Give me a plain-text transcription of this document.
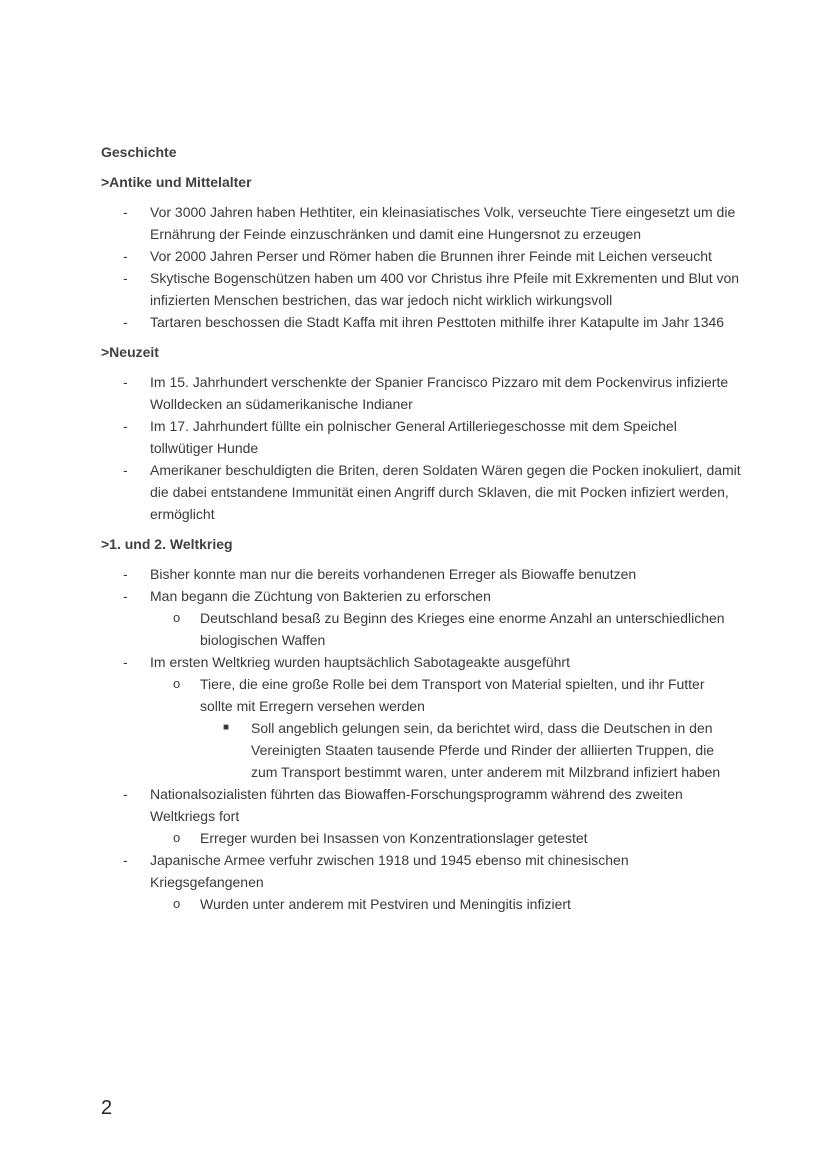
Geschichte
>Antike und Mittelalter
- Vor 3000 Jahren haben Hethtiter, ein kleinasiatisches Volk, verseuchte Tiere eingesetzt um die Ernährung der Feinde einzuschränken und damit eine Hungersnot zu erzeugen
- Vor 2000 Jahren Perser und Römer haben die Brunnen ihrer Feinde mit Leichen verseucht
- Skytische Bogenschützen haben um 400 vor Christus ihre Pfeile mit Exkrementen und Blut von infizierten Menschen bestrichen, das war jedoch nicht wirklich wirkungsvoll
- Tartaren beschossen die Stadt Kaffa mit ihren Pesttoten mithilfe ihrer Katapulte im Jahr 1346
>Neuzeit
- Im 15. Jahrhundert verschenkte der Spanier Francisco Pizzaro mit dem Pockenvirus infizierte Wolldecken an südamerikanische Indianer
- Im 17. Jahrhundert füllte ein polnischer General Artilleriegeschosse mit dem Speichel tollwütiger Hunde
- Amerikaner beschuldigten die Briten, deren Soldaten Wären gegen die Pocken inokuliert, damit die dabei entstandene Immunität einen Angriff durch Sklaven, die mit Pocken infiziert werden, ermöglicht
>1. und 2. Weltkrieg
- Bisher konnte man nur die bereits vorhandenen Erreger als Biowaffe benutzen
- Man begann die Züchtung von Bakterien zu erforschen
o Deutschland besaß zu Beginn des Krieges eine enorme Anzahl an unterschiedlichen biologischen Waffen
- Im ersten Weltkrieg wurden hauptsächlich Sabotageakte ausgeführt
o Tiere, die eine große Rolle bei dem Transport von Material spielten, und ihr Futter sollte mit Erregern versehen werden
■ Soll angeblich gelungen sein, da berichtet wird, dass die Deutschen in den Vereinigten Staaten tausende Pferde und Rinder der alliierten Truppen, die zum Transport bestimmt waren, unter anderem mit Milzbrand infiziert haben
- Nationalsozialisten führten das Biowaffen-Forschungsprogramm während des zweiten Weltkriegs fort
o Erreger wurden bei Insassen von Konzentrationslager getestet
- Japanische Armee verfuhr zwischen 1918 und 1945 ebenso mit chinesischen Kriegsgefangenen
o Wurden unter anderem mit Pestviren und Meningitis infiziert
2
